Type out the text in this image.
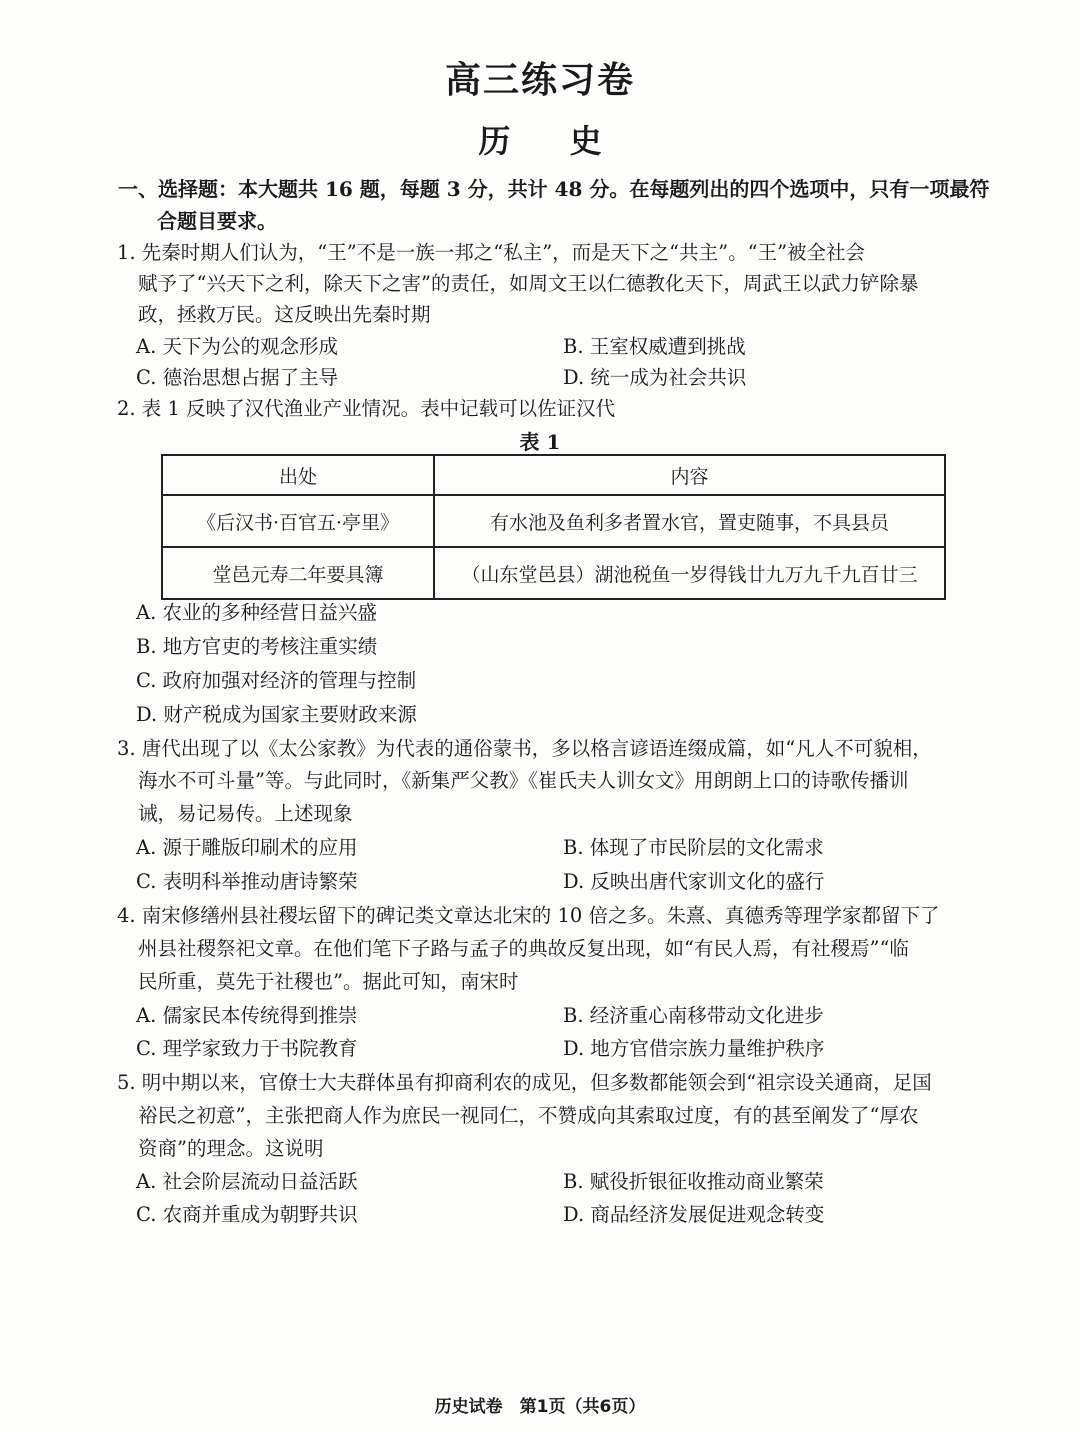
高三练习卷
历 史
一、选择题：本大题共 16 题，每题 3 分，共计 48 分。在每题列出的四个选项中，只有一项最符
合题目要求。
1. 先秦时期人们认为，“王”不是一族一邦之“私主”，而是天下之“共主”。“王”被全社会
赋予了“兴天下之利，除天下之害”的责任，如周文王以仁德教化天下，周武王以武力铲除暴
政，拯救万民。这反映出先秦时期
A. 天下为公的观念形成	B. 王室权威遭到挑战
C. 德治思想占据了主导	D. 统一成为社会共识
2. 表 1 反映了汉代渔业产业情况。表中记载可以佐证汉代
表 1
出处	内容
《后汉书·百官五·亭里》	有水池及鱼利多者置水官，置吏随事，不具县员
堂邑元寿二年要具簿	（山东堂邑县）湖池税鱼一岁得钱廿九万九千九百廿三
A. 农业的多种经营日益兴盛
B. 地方官吏的考核注重实绩
C. 政府加强对经济的管理与控制
D. 财产税成为国家主要财政来源
3. 唐代出现了以《太公家教》为代表的通俗蒙书，多以格言谚语连缀成篇，如“凡人不可貌相，
海水不可斗量”等。与此同时，《新集严父教》《崔氏夫人训女文》用朗朗上口的诗歌传播训
诫，易记易传。上述现象
A. 源于雕版印刷术的应用	B. 体现了市民阶层的文化需求
C. 表明科举推动唐诗繁荣	D. 反映出唐代家训文化的盛行
4. 南宋修缮州县社稷坛留下的碑记类文章达北宋的 10 倍之多。朱熹、真德秀等理学家都留下了
州县社稷祭祀文章。在他们笔下子路与孟子的典故反复出现，如“有民人焉，有社稷焉”“临
民所重，莫先于社稷也”。据此可知，南宋时
A. 儒家民本传统得到推崇	B. 经济重心南移带动文化进步
C. 理学家致力于书院教育	D. 地方官借宗族力量维护秩序
5. 明中期以来，官僚士大夫群体虽有抑商利农的成见，但多数都能领会到“祖宗设关通商，足国
裕民之初意”，主张把商人作为庶民一视同仁，不赞成向其索取过度，有的甚至阐发了“厚农
资商”的理念。这说明
A. 社会阶层流动日益活跃	B. 赋役折银征收推动商业繁荣
C. 农商并重成为朝野共识	D. 商品经济发展促进观念转变
历史试卷　第1页（共6页）
